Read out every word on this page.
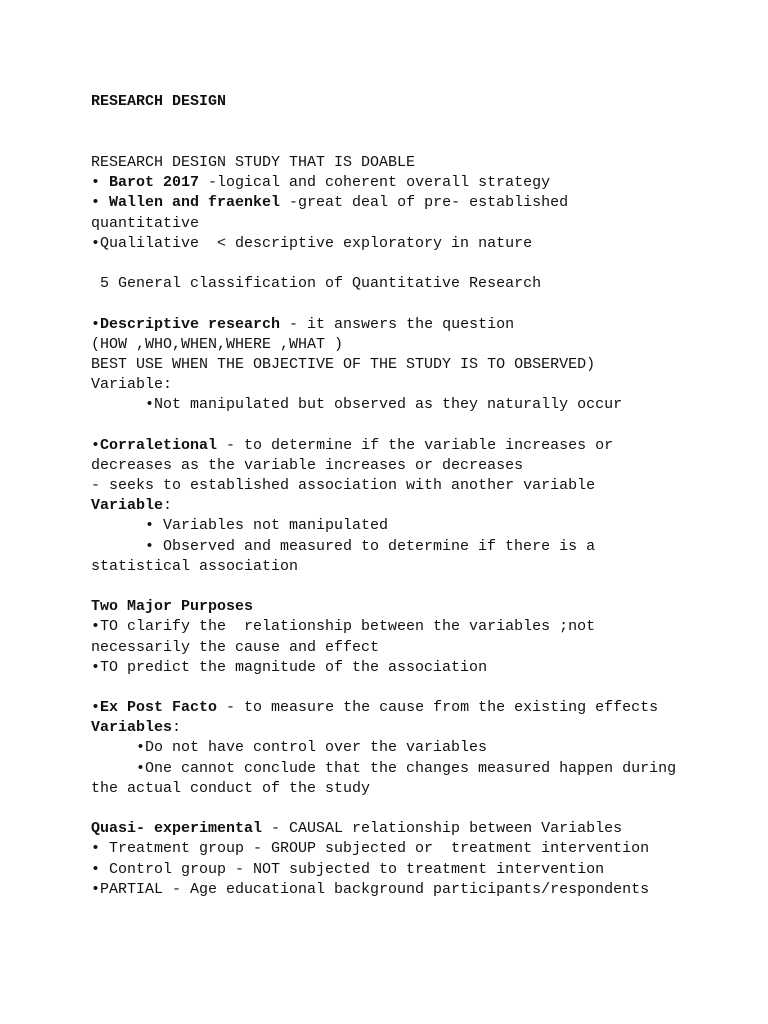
RESEARCH DESIGN
RESEARCH DESIGN STUDY THAT IS DOABLE
• Barot 2017 -logical and coherent overall strategy
• Wallen and fraenkel -great deal of pre- established
quantitative
•Qualilative  < descriptive exploratory in nature
5 General classification of Quantitative Research
•Descriptive research - it answers the question
(HOW ,WHO,WHEN,WHERE ,WHAT )
BEST USE WHEN THE OBJECTIVE OF THE STUDY IS TO OBSERVED)
Variable:
•Not manipulated but observed as they naturally occur
•Corraletional - to determine if the variable increases or
decreases as the variable increases or decreases
- seeks to established association with another variable
Variable:
• Variables not manipulated
• Observed and measured to determine if there is a
statistical association
Two Major Purposes
•TO clarify the  relationship between the variables ;not
necessarily the cause and effect
•TO predict the magnitude of the association
•Ex Post Facto - to measure the cause from the existing effects
Variables:
•Do not have control over the variables
•One cannot conclude that the changes measured happen during
the actual conduct of the study
Quasi- experimental - CAUSAL relationship between Variables
• Treatment group - GROUP subjected or  treatment intervention
• Control group - NOT subjected to treatment intervention
•PARTIAL - Age educational background participants/respondents
